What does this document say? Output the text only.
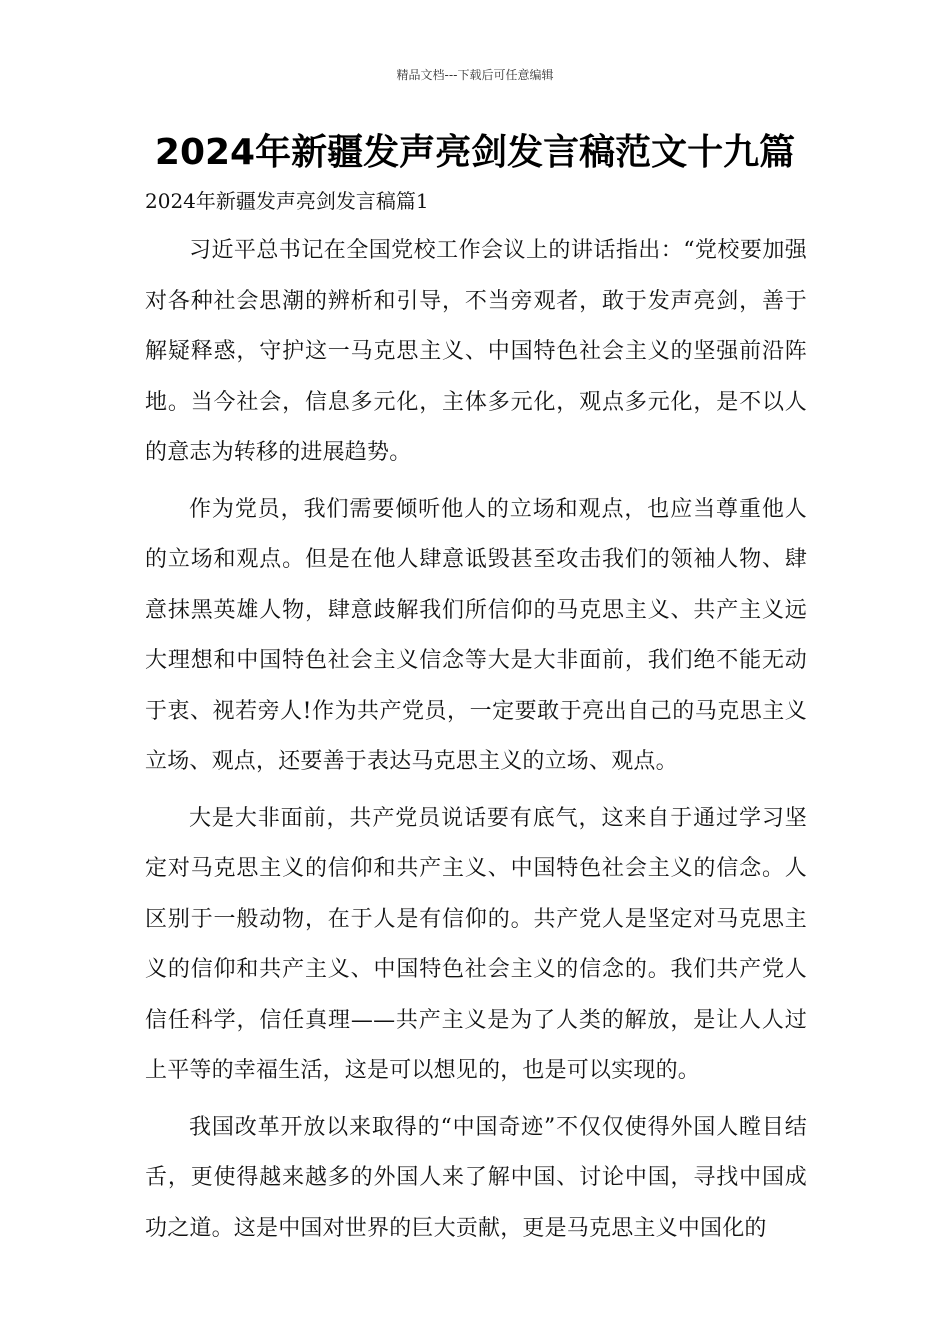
精品文档---下载后可任意编辑
2024年新疆发声亮剑发言稿范文十九篇

2024年新疆发声亮剑发言稿篇1

习近平总书记在全国党校工作会议上的讲话指出：“党校要加强对各种社会思潮的辨析和引导，不当旁观者，敢于发声亮剑，善于解疑释惑，守护这一马克思主义、中国特色社会主义的坚强前沿阵地。当今社会，信息多元化，主体多元化，观点多元化，是不以人的意志为转移的进展趋势。

作为党员，我们需要倾听他人的立场和观点，也应当尊重他人的立场和观点。但是在他人肆意诋毁甚至攻击我们的领袖人物、肆意抹黑英雄人物，肆意歧解我们所信仰的马克思主义、共产主义远大理想和中国特色社会主义信念等大是大非面前，我们绝不能无动于衷、视若旁人!作为共产党员，一定要敢于亮出自己的马克思主义立场、观点，还要善于表达马克思主义的立场、观点。

大是大非面前，共产党员说话要有底气，这来自于通过学习坚定对马克思主义的信仰和共产主义、中国特色社会主义的信念。人区别于一般动物，在于人是有信仰的。共产党人是坚定对马克思主义的信仰和共产主义、中国特色社会主义的信念的。我们共产党人信任科学，信任真理——共产主义是为了人类的解放，是让人人过上平等的幸福生活，这是可以想见的，也是可以实现的。

我国改革开放以来取得的“中国奇迹”不仅仅使得外国人瞠目结舌，更使得越来越多的外国人来了解中国、讨论中国，寻找中国成功之道。这是中国对世界的巨大贡献，更是马克思主义中国化的
